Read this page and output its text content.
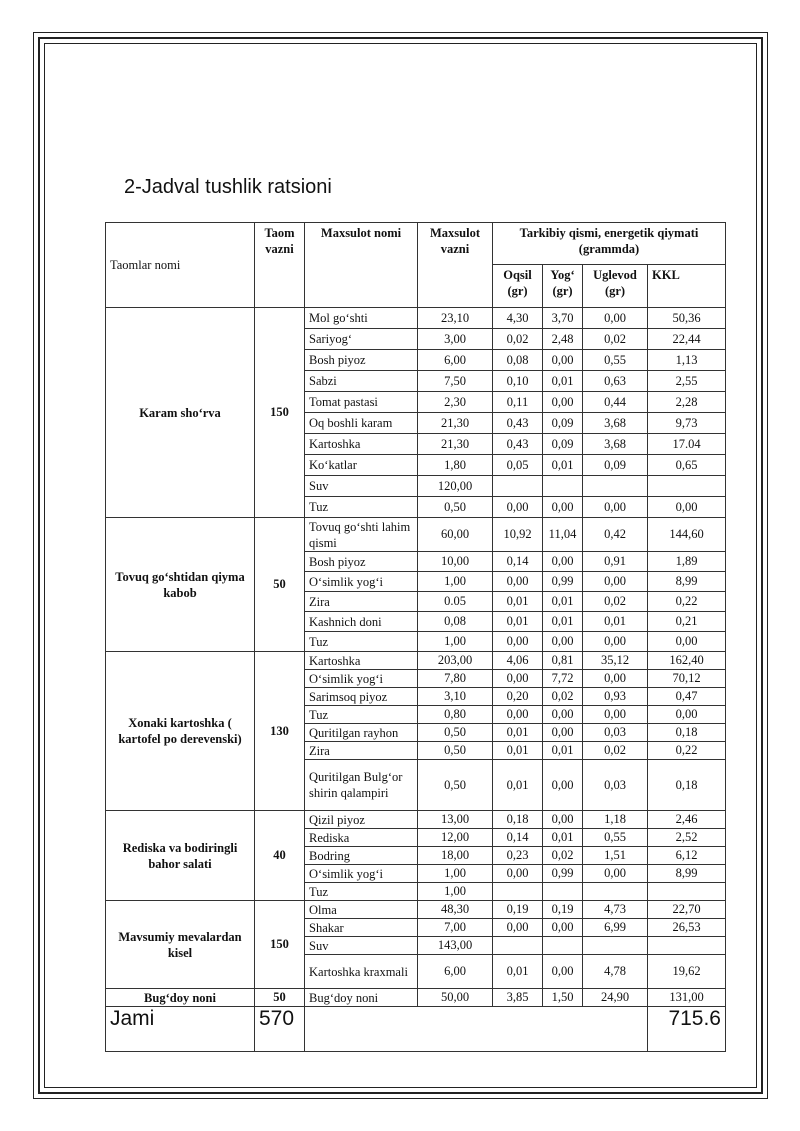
2-Jadval tushlik ratsioni
Taomlar nomi	Taom vazni	Maxsulot nomi	Maxsulot vazni	Tarkibiy qismi, energetik qiymati (grammda)			
				Oqsil (gr)	Yog‘ (gr)	Uglevod (gr)	KKL
Karam sho‘rva	150	Mol go‘shti	23,10	4,30	3,70	0,00	50,36
		Sariyog‘	3,00	0,02	2,48	0,02	22,44
		Bosh piyoz	6,00	0,08	0,00	0,55	1,13
		Sabzi	7,50	0,10	0,01	0,63	2,55
		Tomat pastasi	2,30	0,11	0,00	0,44	2,28
		Oq boshli karam	21,30	0,43	0,09	3,68	9,73
		Kartoshka	21,30	0,43	0,09	3,68	17.04
		Ko‘katlar	1,80	0,05	0,01	0,09	0,65
		Suv	120,00				
		Tuz	0,50	0,00	0,00	0,00	0,00
Tovuq go‘shtidan qiyma kabob	50	Tovuq go‘shti lahim qismi	60,00	10,92	11,04	0,42	144,60
		Bosh piyoz	10,00	0,14	0,00	0,91	1,89
		O‘simlik yog‘i	1,00	0,00	0,99	0,00	8,99
		Zira	0.05	0,01	0,01	0,02	0,22
		Kashnich doni	0,08	0,01	0,01	0,01	0,21
		Tuz	1,00	0,00	0,00	0,00	0,00
Xonaki kartoshka ( kartofel po derevenski)	130	Kartoshka	203,00	4,06	0,81	35,12	162,40
		O‘simlik yog‘i	7,80	0,00	7,72	0,00	70,12
		Sarimsoq piyoz	3,10	0,20	0,02	0,93	0,47
		Tuz	0,80	0,00	0,00	0,00	0,00
		Quritilgan rayhon	0,50	0,01	0,00	0,03	0,18
		Zira	0,50	0,01	0,01	0,02	0,22
		Quritilgan Bulg‘or shirin qalampiri	0,50	0,01	0,00	0,03	0,18
Rediska va bodiringli bahor salati	40	Qizil piyoz	13,00	0,18	0,00	1,18	2,46
		Rediska	12,00	0,14	0,01	0,55	2,52
		Bodring	18,00	0,23	0,02	1,51	6,12
		O‘simlik yog‘i	1,00	0,00	0,99	0,00	8,99
		Tuz	1,00				
Mavsumiy mevalardan kisel	150	Olma	48,30	0,19	0,19	4,73	22,70
		Shakar	7,00	0,00	0,00	6,99	26,53
		Suv	143,00				
		Kartoshka kraxmali	6,00	0,01	0,00	4,78	19,62
Bug‘doy noni	50	Bug‘doy noni	50,00	3,85	1,50	24,90	131,00
Jami	570						715.6
